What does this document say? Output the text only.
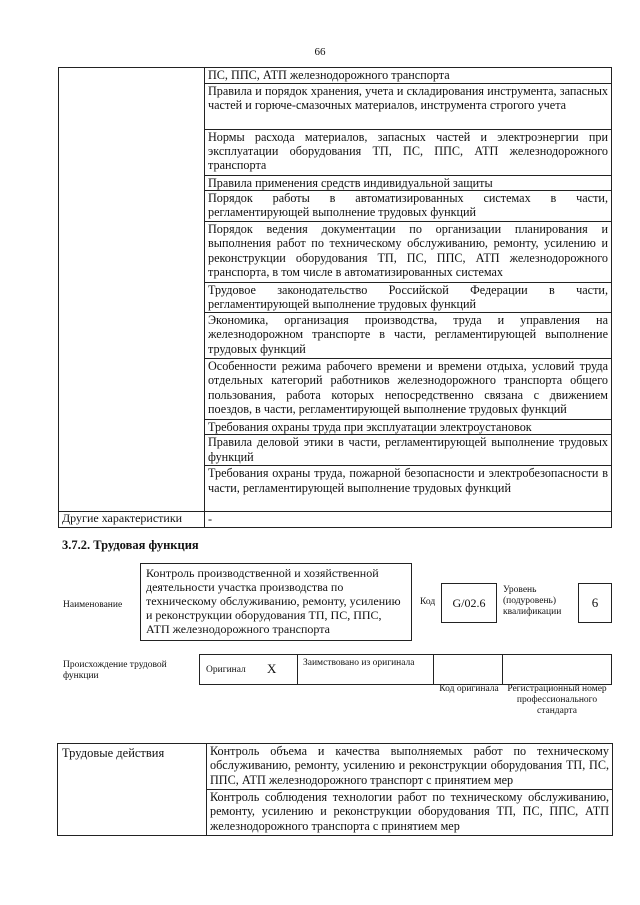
66
	ПС, ППС, АТП железнодорожного транспорта
	Правила и порядок хранения, учета и складирования инструмента, запасных частей и горюче-смазочных материалов, инструмента строгого учета
	Нормы расхода материалов, запасных частей и электроэнергии при эксплуатации оборудования ТП, ПС, ППС, АТП железнодорожного транспорта
	Правила применения средств индивидуальной защиты
	Порядок работы в автоматизированных системах в части, регламентирующей выполнение трудовых функций
	Порядок ведения документации по организации планирования и выполнения работ по техническому обслуживанию, ремонту, усилению и реконструкции оборудования ТП, ПС, ППС, АТП железнодорожного транспорта, в том числе в автоматизированных системах
	Трудовое законодательство Российской Федерации в части, регламентирующей выполнение трудовых функций
	Экономика, организация производства, труда и управления на железнодорожном транспорте в части, регламентирующей выполнение трудовых функций
	Особенности режима рабочего времени и времени отдыха, условий труда отдельных категорий работников железнодорожного транспорта общего пользования, работа которых непосредственно связана с движением поездов, в части, регламентирующей выполнение трудовых функций
	Требования охраны труда при эксплуатации электроустановок
	Правила деловой этики в части, регламентирующей выполнение трудовых функций
	Требования охраны труда, пожарной безопасности и электробезопасности в части, регламентирующей выполнение трудовых функций
Другие характеристики	-
3.7.2. Трудовая функция
Наименование
Контроль производственной и хозяйственной деятельности участка производства по техническому обслуживанию, ремонту, усилению и реконструкции оборудования ТП, ПС, ППС, АТП железнодорожного транспорта
Код	G/02.6
Уровень (подуровень) квалификации
6
Происхождение трудовой функции
Оригинал X	Заимствовано из оригинала
Код оригинала Регистрационный номер профессионального стандарта
Трудовые действия	Контроль объема и качества выполняемых работ по техническому обслуживанию, ремонту, усилению и реконструкции оборудования ТП, ПС, ППС, АТП железнодорожного транспорт с принятием мер
Контроль соблюдения технологии работ по техническому обслуживанию, ремонту, усилению и реконструкции оборудования ТП, ПС, ППС, АТП железнодорожного транспорта с принятием мер
